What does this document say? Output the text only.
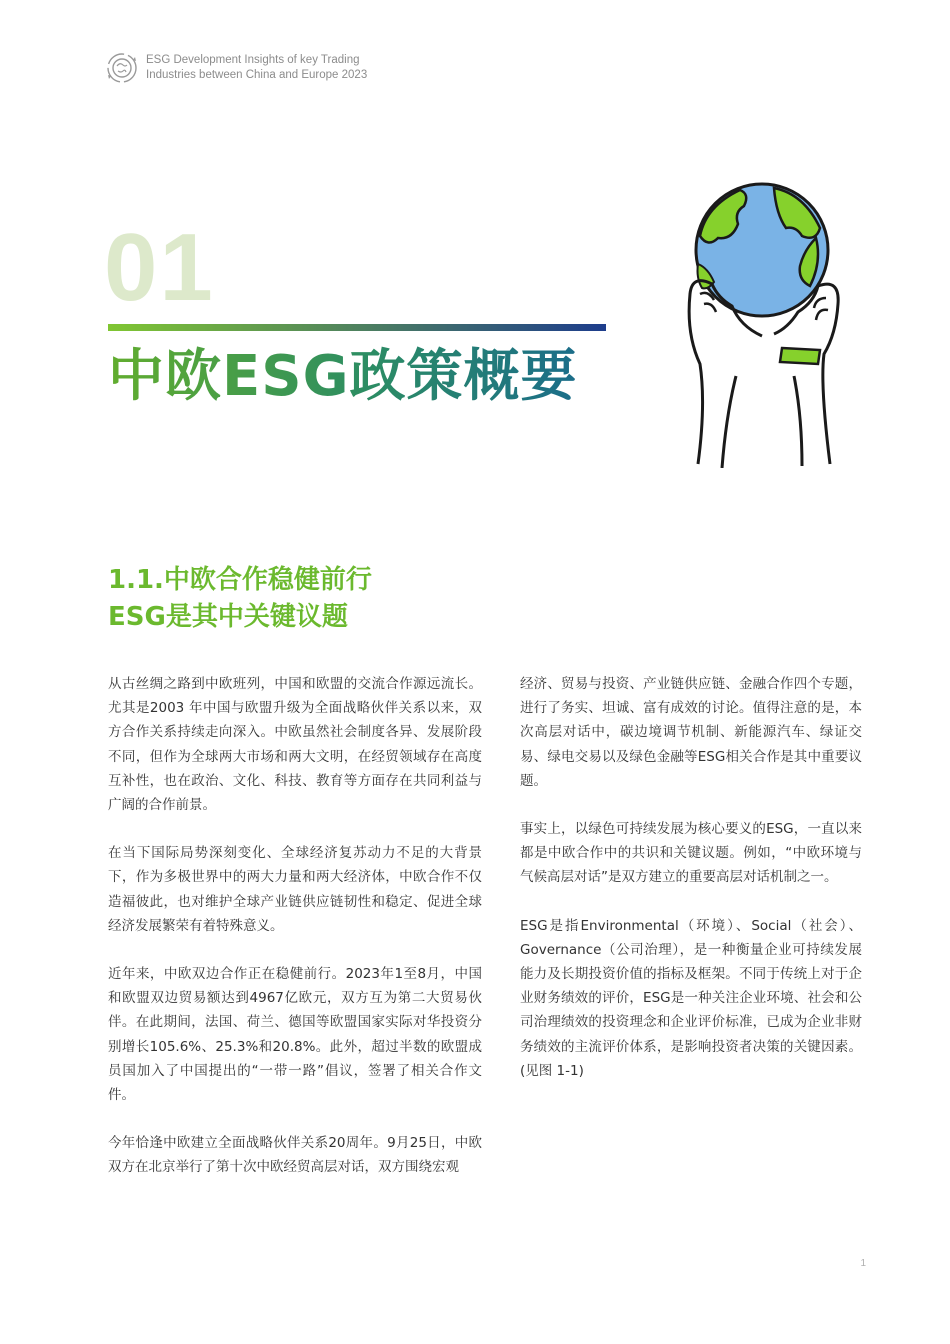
ESG Development Insights of key Trading
Industries between China and Europe 2023
01
中欧ESG政策概要
1.1.中欧合作稳健前行
ESG是其中关键议题

从古丝绸之路到中欧班列，中国和欧盟的交流合作源远流长。尤其是2003 年中国与欧盟升级为全面战略伙伴关系以来，双方合作关系持续走向深入。中欧虽然社会制度各异、发展阶段不同，但作为全球两大市场和两大文明，在经贸领域存在高度互补性，也在政治、文化、科技、教育等方面存在共同利益与广阔的合作前景。

在当下国际局势深刻变化、全球经济复苏动力不足的大背景下，作为多极世界中的两大力量和两大经济体，中欧合作不仅造福彼此，也对维护全球产业链供应链韧性和稳定、促进全球经济发展繁荣有着特殊意义。

近年来，中欧双边合作正在稳健前行。2023年1至8月，中国和欧盟双边贸易额达到4967亿欧元，双方互为第二大贸易伙伴。在此期间，法国、荷兰、德国等欧盟国家实际对华投资分别增长105.6%、25.3%和20.8%。此外，超过半数的欧盟成员国加入了中国提出的“一带一路”倡议，签署了相关合作文件。

今年恰逢中欧建立全面战略伙伴关系20周年。9月25日，中欧双方在北京举行了第十次中欧经贸高层对话，双方围绕宏观

经济、贸易与投资、产业链供应链、金融合作四个专题，进行了务实、坦诚、富有成效的讨论。值得注意的是，本次高层对话中，碳边境调节机制、新能源汽车、绿证交易、绿电交易以及绿色金融等ESG相关合作是其中重要议题。

事实上，以绿色可持续发展为核心要义的ESG，一直以来都是中欧合作中的共识和关键议题。例如，“中欧环境与气候高层对话”是双方建立的重要高层对话机制之一。

ESG是指Environmental（环境）、Social（社会）、Governance（公司治理），是一种衡量企业可持续发展能力及长期投资价值的指标及框架。不同于传统上对于企业财务绩效的评价，ESG是一种关注企业环境、社会和公司治理绩效的投资理念和企业评价标准，已成为企业非财务绩效的主流评价体系，是影响投资者决策的关键因素。(见图 1-1)

1
